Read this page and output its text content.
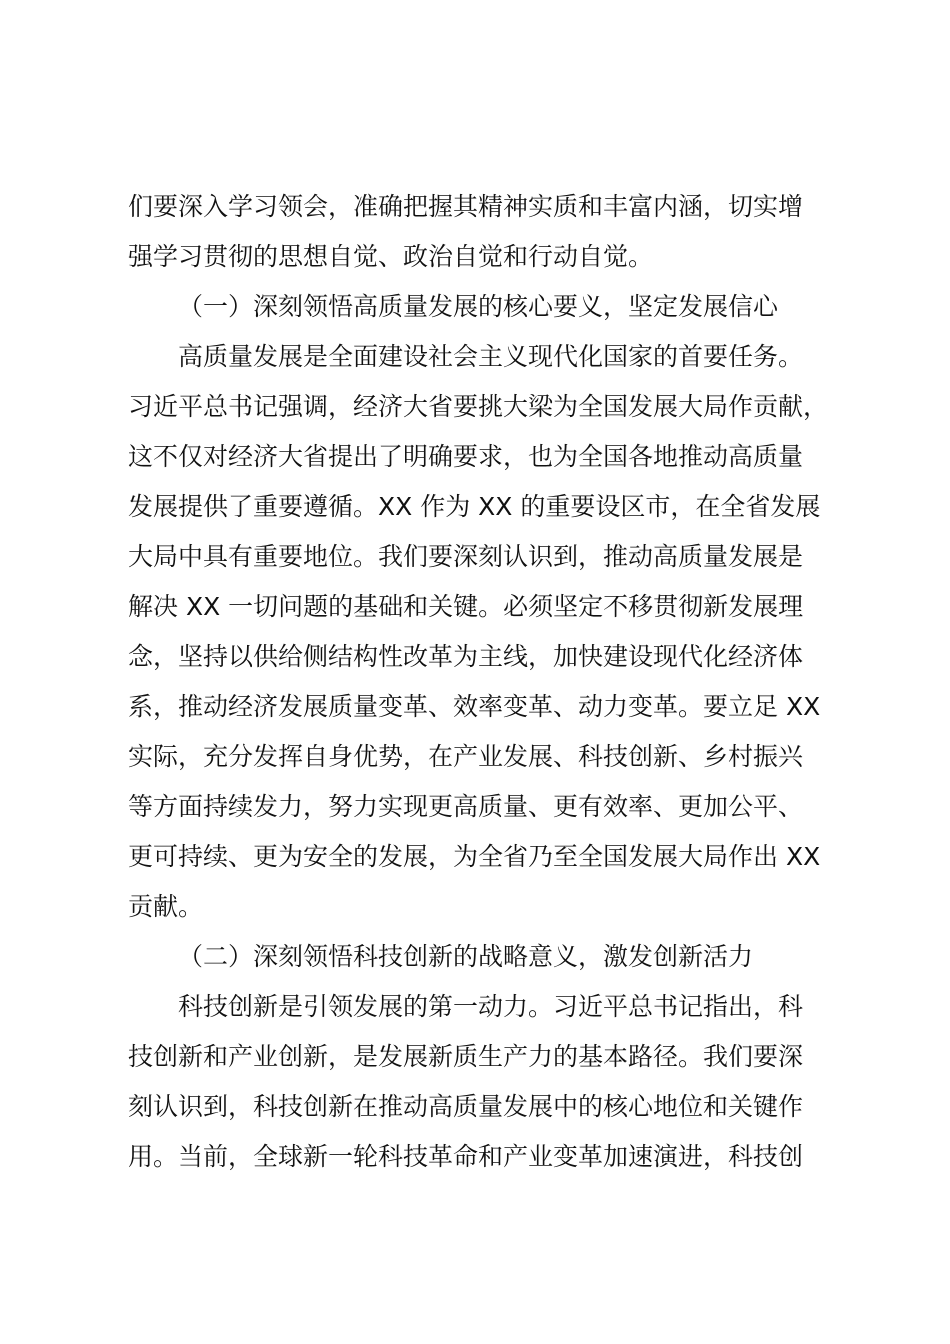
们要深入学习领会，准确把握其精神实质和丰富内涵，切实增

强学习贯彻的思想自觉、政治自觉和行动自觉。

（一）深刻领悟高质量发展的核心要义，坚定发展信心

高质量发展是全面建设社会主义现代化国家的首要任务。

习近平总书记强调，经济大省要挑大梁为全国发展大局作贡献，

这不仅对经济大省提出了明确要求，也为全国各地推动高质量

发展提供了重要遵循。XX 作为 XX 的重要设区市，在全省发展

大局中具有重要地位。我们要深刻认识到，推动高质量发展是

解决 XX 一切问题的基础和关键。必须坚定不移贯彻新发展理

念，坚持以供给侧结构性改革为主线，加快建设现代化经济体

系，推动经济发展质量变革、效率变革、动力变革。要立足 XX

实际，充分发挥自身优势，在产业发展、科技创新、乡村振兴

等方面持续发力，努力实现更高质量、更有效率、更加公平、

更可持续、更为安全的发展，为全省乃至全国发展大局作出 XX

贡献。

（二）深刻领悟科技创新的战略意义，激发创新活力

科技创新是引领发展的第一动力。习近平总书记指出，科

技创新和产业创新，是发展新质生产力的基本路径。我们要深

刻认识到，科技创新在推动高质量发展中的核心地位和关键作

用。当前，全球新一轮科技革命和产业变革加速演进，科技创
